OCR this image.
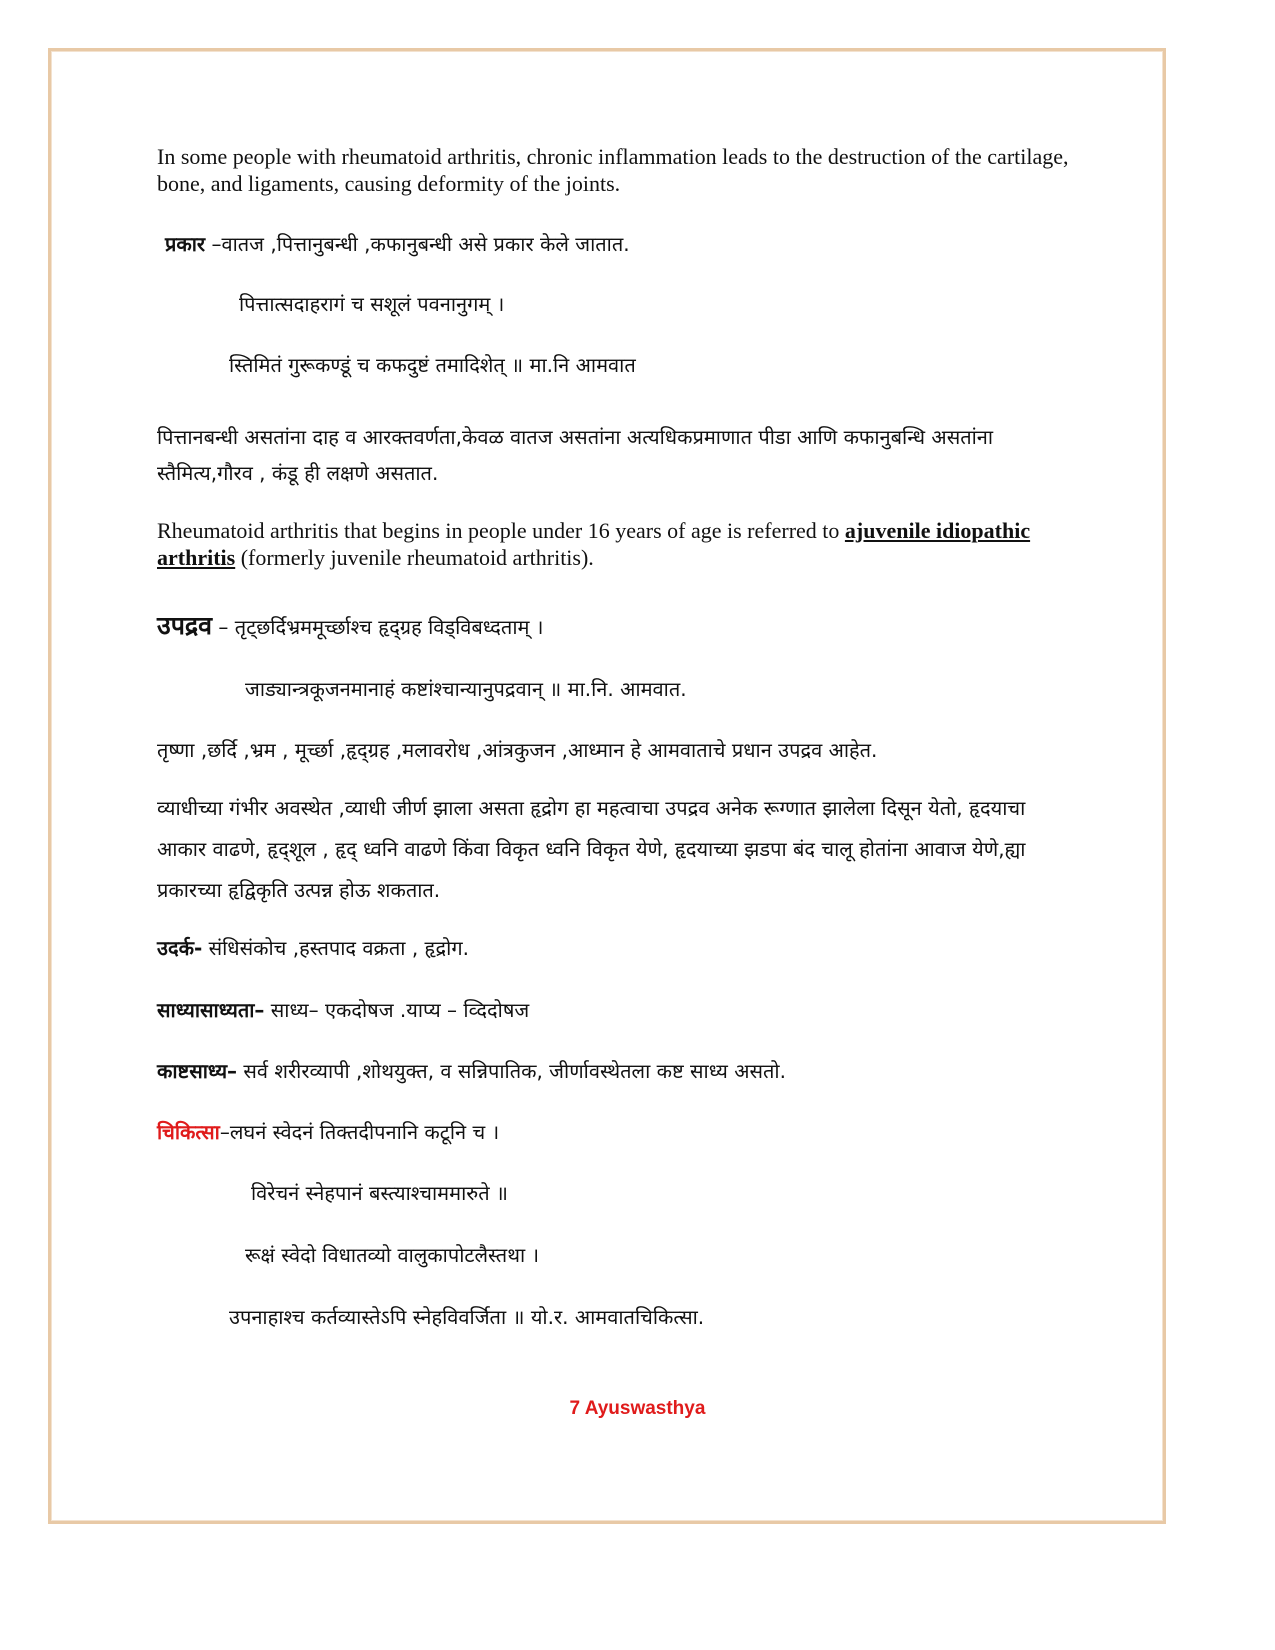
In some people with rheumatoid arthritis, chronic inflammation leads to the destruction of the cartilage, bone, and ligaments, causing deformity of the joints.

प्रकार –वातज ,पित्तानुबन्धी ,कफानुबन्धी असे प्रकार केले जातात.

पित्तात्सदाहरागं च सशूलं पवनानुगम् ।

स्तिमितं गुरूकण्डूं च कफदुष्टं तमादिशेत् ॥ मा.नि आमवात

पित्तानबन्धी असतांना दाह व आरक्तवर्णता,केवळ वातज असतांना अत्यधिकप्रमाणात पीडा आणि कफानुबन्धि असतांना स्तैमित्य,गौरव , कंडू ही लक्षणे असतात.

Rheumatoid arthritis that begins in people under 16 years of age is referred to ajuvenile idiopathic arthritis (formerly juvenile rheumatoid arthritis).

उपद्रव – तृट्छर्दिभ्रममूर्च्छाश्च हृद्ग्रह विड्विबध्दताम् ।

जाड्यान्त्रकूजनमानाहं कष्टांश्चान्यानुपद्रवान् ॥ मा.नि. आमवात.

तृष्णा ,छर्दि ,भ्रम , मूर्च्छा ,हृद्ग्रह ,मलावरोध ,आंत्रकुजन ,आध्मान हे आमवाताचे प्रधान उपद्रव आहेत.

व्याधीच्या गंभीर अवस्थेत ,व्याधी जीर्ण झाला असता हृद्रोग हा महत्वाचा उपद्रव अनेक रूग्णात झालेला दिसून येतो, हृदयाचा आकार वाढणे, हृद्शूल , हृद् ध्वनि वाढणे किंवा विकृत ध्वनि विकृत येणे, हृदयाच्या झडपा बंद चालू होतांना आवाज येणे,ह्या प्रकारच्या हृद्विकृति उत्पन्न होऊ शकतात.

उदर्क- संधिसंकोच ,हस्तपाद वक्रता , हृद्रोग.

साध्यासाध्यता– साध्य– एकदोषज .याप्य – व्दिदोषज

काष्टसाध्य– सर्व शरीरव्यापी ,शोथयुक्त, व सन्निपातिक, जीर्णावस्थेतला कष्ट साध्य असतो.

चिकित्सा–लघनं स्वेदनं तिक्तदीपनानि कटूनि च ।

विरेचनं स्नेहपानं बस्त्याश्चाममारुते ॥

रूक्षं स्वेदो विधातव्यो वालुकापोटलैस्तथा ।

उपनाहाश्च कर्तव्यास्तेऽपि स्नेहविवर्जिता ॥ यो.र. आमवातचिकित्सा.

7 Ayuswasthya
